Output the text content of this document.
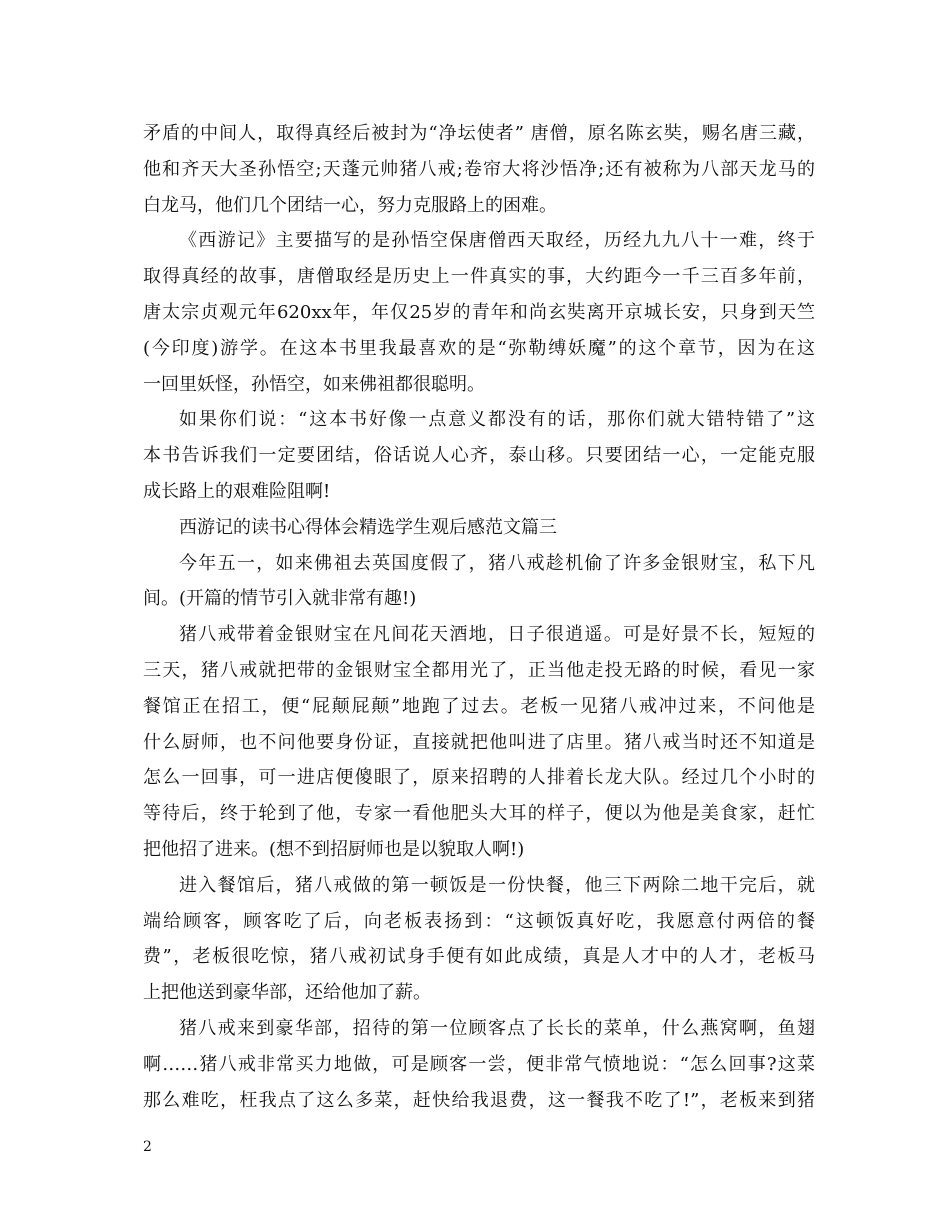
矛盾的中间人，取得真经后被封为“净坛使者” 唐僧，原名陈玄奘，赐名唐三藏，
他和齐天大圣孙悟空;天蓬元帅猪八戒;卷帘大将沙悟净;还有被称为八部天龙马的
白龙马，他们几个团结一心，努力克服路上的困难。
《西游记》主要描写的是孙悟空保唐僧西天取经，历经九九八十一难，终于
取得真经的故事，唐僧取经是历史上一件真实的事，大约距今一千三百多年前，
唐太宗贞观元年620xx年，年仅25岁的青年和尚玄奘离开京城长安，只身到天竺
(今印度)游学。在这本书里我最喜欢的是“弥勒缚妖魔”的这个章节，因为在这
一回里妖怪，孙悟空，如来佛祖都很聪明。
如果你们说：“这本书好像一点意义都没有的话，那你们就大错特错了”这
本书告诉我们一定要团结，俗话说人心齐，泰山移。只要团结一心，一定能克服
成长路上的艰难险阻啊!
西游记的读书心得体会精选学生观后感范文篇三
今年五一，如来佛祖去英国度假了，猪八戒趁机偷了许多金银财宝，私下凡
间。(开篇的情节引入就非常有趣!)
猪八戒带着金银财宝在凡间花天酒地，日子很逍遥。可是好景不长，短短的
三天，猪八戒就把带的金银财宝全都用光了，正当他走投无路的时候，看见一家
餐馆正在招工，便“屁颠屁颠”地跑了过去。老板一见猪八戒冲过来，不问他是
什么厨师，也不问他要身份证，直接就把他叫进了店里。猪八戒当时还不知道是
怎么一回事，可一进店便傻眼了，原来招聘的人排着长龙大队。经过几个小时的
等待后，终于轮到了他，专家一看他肥头大耳的样子，便以为他是美食家，赶忙
把他招了进来。(想不到招厨师也是以貌取人啊!)
进入餐馆后，猪八戒做的第一顿饭是一份快餐，他三下两除二地干完后，就
端给顾客，顾客吃了后，向老板表扬到：“这顿饭真好吃，我愿意付两倍的餐
费”，老板很吃惊，猪八戒初试身手便有如此成绩，真是人才中的人才，老板马
上把他送到豪华部，还给他加了薪。
猪八戒来到豪华部，招待的第一位顾客点了长长的菜单，什么燕窝啊，鱼翅
啊……猪八戒非常买力地做，可是顾客一尝，便非常气愤地说：“怎么回事?这菜
那么难吃，枉我点了这么多菜，赶快给我退费，这一餐我不吃了!”，老板来到猪
2
